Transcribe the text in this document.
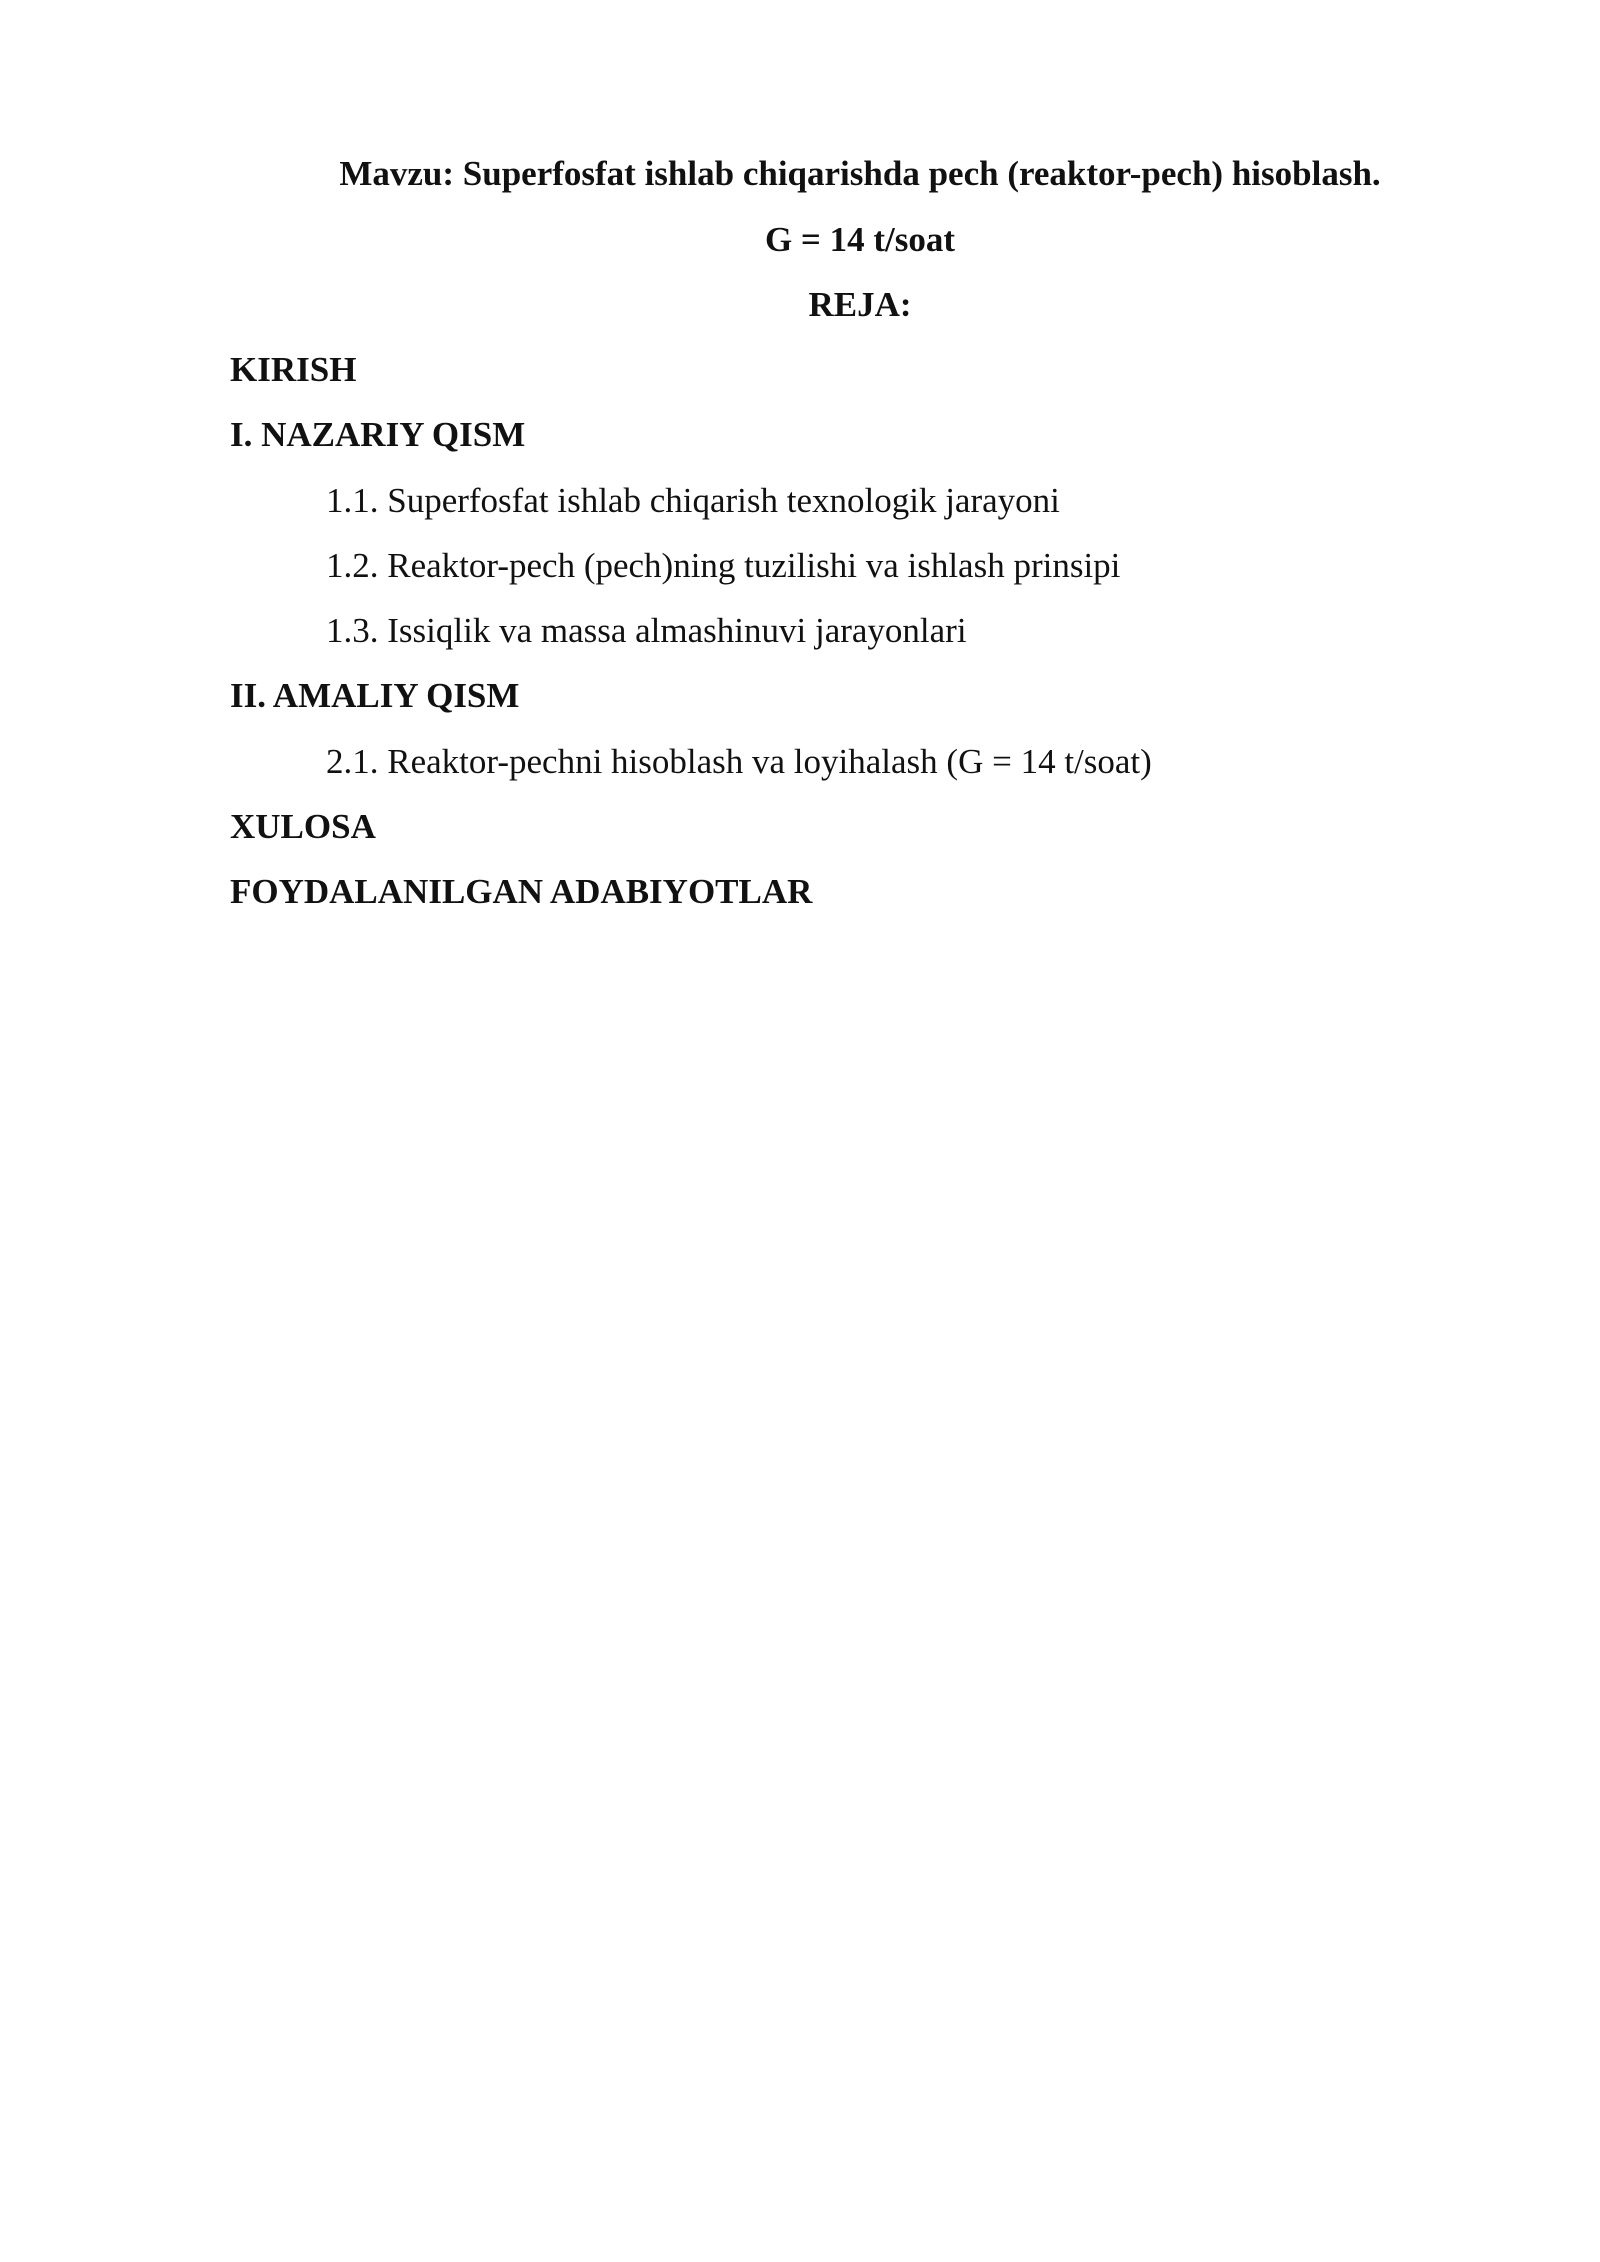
Mavzu: Superfosfat ishlab chiqarishda pech (reaktor-pech) hisoblash.
G = 14 t/soat
REJA:
KIRISH
I. NAZARIY QISM
1.1. Superfosfat ishlab chiqarish texnologik jarayoni
1.2. Reaktor-pech (pech)ning tuzilishi va ishlash prinsipi
1.3. Issiqlik va massa almashinuvi jarayonlari
II. AMALIY QISM
2.1. Reaktor-pechni hisoblash va loyihalash (G = 14 t/soat)
XULOSA
FOYDALANILGAN ADABIYOTLAR
